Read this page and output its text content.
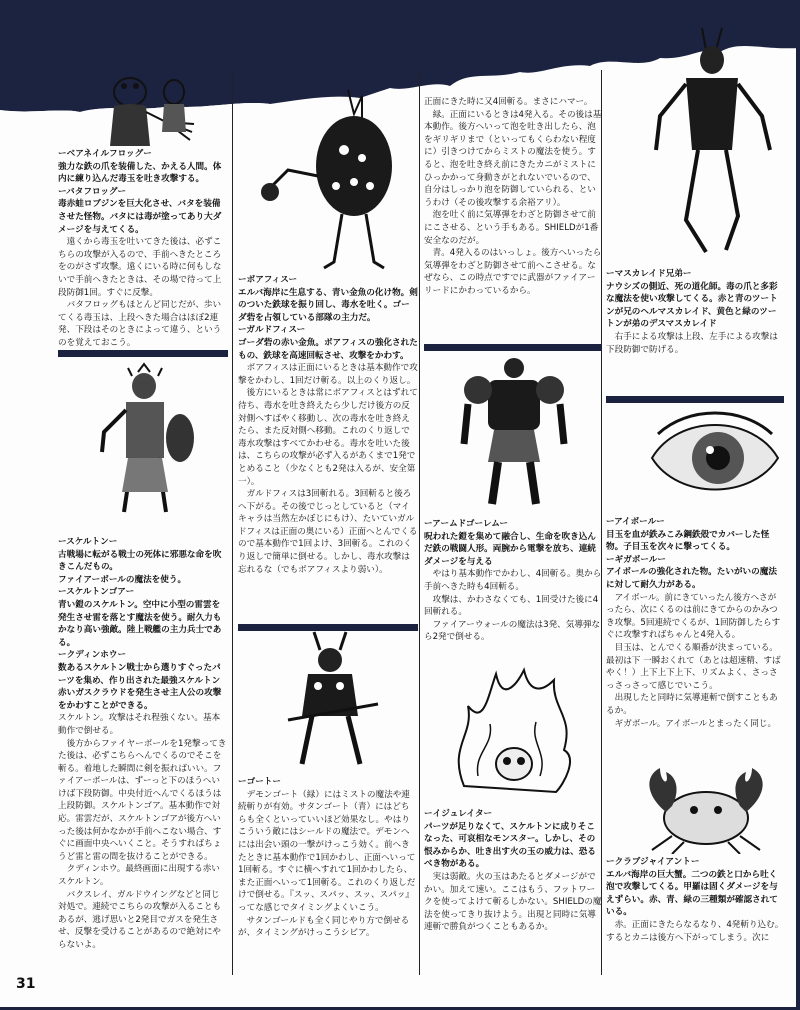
ーベアネイルフロッグー

強力な鉄の爪を装備した、かえる人間。体内に練り込んだ毒玉を吐き攻撃する。

ーバタフロッグー

毒赤蛙ロブジンを巨大化させ、バタを装備させた怪物。バタには毒が塗ってあり大ダメージを与えてくる。

遠くから毒玉を吐いてきた後は、必ずこちらの攻撃が入るので、手前へきたところをのがさず攻撃。遠くにいる時に何もしないで手前へきたときは、その場で待って上段防御1回。すぐに反撃。

バタフロッグもほとんど同じだが、歩いてくる毒玉は、上段へきた場合はほぼ2連発、下段はそのときによって違う、というのを覚えておこう。

ースケルトンー

古戦場に転がる戦士の死体に邪悪な命を吹きこんだもの。

ファイアーボールの魔法を使う。

ースケルトンゴアー

青い鎧のスケルトン。空中に小型の雷雲を発生させ雷を落とす魔法を使う。耐久力もかなり高い強敵。陸上戦艦の主力兵士である。

ークディンホウー

数あるスケルトン戦士から選りすぐったパーツを集め、作り出された最強スケルトン赤いガスクラウドを発生させ主人公の攻撃をかわすことができる。

スケルトン。攻撃はそれ程強くない。基本動作で倒せる。

後方からファイヤーボールを1発撃ってきた後は、必ずこちらへんでくるのでそこを斬る。着地した瞬間に剣を振ればいい。ファイアーボールは、ずーっと下のほうへいけば下段防御。中央付近へんでくるほうは上段防御。スケルトンゴア。基本動作で対応。雷雲だが、スケルトンゴアが後方へいった後は何かなかが手前へこない場合、すぐに画面中央へいくこと。そうすればちょうど雷と雷の間を抜けることができる。

クディンホウ。最終画面に出現する赤いスケルトン。

バクスレイ、ガルドウイングなどと同じ対処で。連続でこちらの攻撃が入ることもあるが、逃げ思いと2発目でガスを発生させ、反撃を受けることがあるので絶対にやらないよ。

ーボアフィスー

エルバ海岸に生息する、青い金魚の化け物。剣のついた鉄球を振り回し、毒水を吐く。ゴーダ砦を占領している部隊の主力だ。

ーガルドフィスー

ゴーダ砦の赤い金魚。ボアフィスの強化されたもの、鉄球を高速回転させ、攻撃をかわす。

ボアフィスは正面にいるときは基本動作で攻撃をかわし、1回だけ斬る。以上のくり返し。

後方にいるときは常にボアフィスとはずれて待ち、毒水を吐き終えたら少しだけ後方の反対側へすばやく移動し、次の毒水を吐き終えたら、また反対側へ移動。これのくり返しで毒水攻撃はすべてかわせる。毒水を吐いた後は、こちらの攻撃が必ず入るがあくまで1発でとめること（少なくとも2発は入るが、安全第一）。

ガルドフィスは3回斬れる。3回斬ると後ろへ下がる。その後でじっとしていると（マイキャラは当然左かぼじにもけ）、たいていガルドフィスは正面の奥にいる）正面へとんでくるので基本動作で1回よけ、3回斬る。これのくり返しで簡単に倒せる。しかし、毒水攻撃は忘れるな（でもボアフィスより弱い）。

ーゴートー

デモンゴート（緑）にはミストの魔法や連続斬りが有効。サタンゴート（青）にはどちらも全くといっていいほど効果なし。やはりこういう敵にはシールドの魔法で。デモンへには出会い頭の一撃がけっこう効く。前へきたときに基本動作で1回かわし、正面へいって1回斬る。すぐに横へすれて1回かわしたら、また正面へいって1回斬る。これのくり返しだけで倒せる。『スッ、スパッ、スッ、スパッ』ってな感じでタイミングよくいこう。

サタンゴールドも全く同じやり方で倒せるが、タイミングがけっこうシビア。

正面にきた時に又4回斬る。まさにハマー。

緑。正面にいるときは4発入る。その後は基本動作。後方へいって泡を吐き出したら、泡をギリギリまで（といってもくらわない程度に）引きつけてからミストの魔法を使う。すると、泡を吐き終え前にきたカニがミストにひっかかって身動きがとれないでいるので、自分はしっかり泡を防御していられる、というわけ（その後攻撃する余裕アリ）。

泡を吐く前に気導弾をわざと防御させて前にこさせる、という手もある。SHIELDが1番安全なのだが。

青。4発入るのはいっしょ。後方へいったら気導弾をわざと防御させて前へこさせる。なぜなら、この時点ですでに武器がファイアーリードにかわっているから。

ーアームドゴーレムー

呪われた鎧を集めて融合し、生命を吹き込んだ鉄の戦闘人形。両腕から電撃を放ち、連続ダメージを与える

やはり基本動作でかわし、4回斬る。奥から手前へきた時も4回斬る。

攻撃は、かわさなくても、1回受けた後に4回斬れる。

ファイアーウォールの魔法は3発、気導弾なら2発で倒せる。

ーイジュレイター

パーツが足りなくて、スケルトンに成りそこなった、可哀相なモンスター。しかし、その恨みからか、吐き出す火の玉の威力は、恐るべき物がある。

実は弱敵。火の玉はあたるとダメージがでかい。加えて速い。ここはもう、フットワークを使ってよけて斬るしかない。SHIELDの魔法を使ってきり抜けよう。出現と同時に気導連斬で勝負がつくこともあるか。

ーマスカレイド兄弟ー

ナウシズの側近、死の道化師。毒の爪と多彩な魔法を使い攻撃してくる。赤と青のツートンが兄のヘルマスカレイド、黄色と緑のツートンが弟のデスマスカレイド

右手による攻撃は上段、左手による攻撃は下段防御で防げる。

ーアイボールー

目玉を血が鉄みこみ鋼鉄殻でカバーした怪物。子目玉を次々に撃ってくる。

ーギガボールー

アイボールの強化された物。たいがいの魔法に対して耐久力がある。

アイボール。前にきていったん後方へさがったら、次にくるのは前にきてからのかみつき攻撃。5回連続でくるが、1回防御したらすぐに攻撃すればちゃんと4発入る。

目玉は、とんでくる順番が決まっている。最初は下 一瞬おくれて（あとは超速精、すばやく！）上下上下上下、リズムよく、さっさっさっさって感じでいこう。

出現したと同時に気導連斬で倒すこともあるか。

ギガボール。アイボールとまったく同じ。

ークラブジャイアントー

エルバ海岸の巨大蟹。二つの鉄と口から吐く泡で攻撃してくる。甲羅は固くダメージを与えずらい。赤、青、緑の三種類が確認されている。

赤。正面にきたらなるなり、4発斬り込む。するとカニは後方へ下がってしまう。次に

31
